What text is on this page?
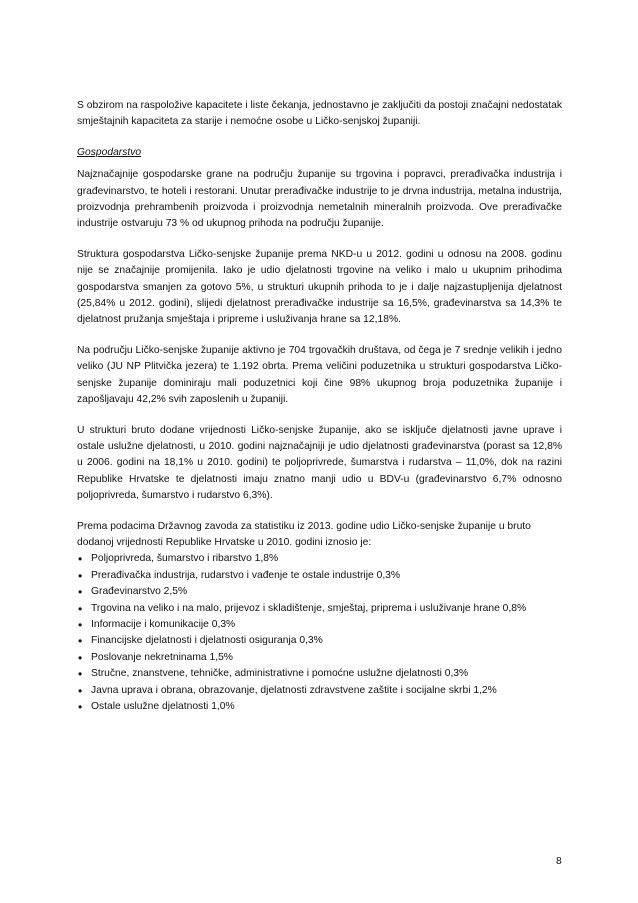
S obzirom na raspoložive kapacitete i liste čekanja, jednostavno je zaključiti da postoji značajni nedostatak smještajnih kapaciteta za starije i nemoćne osobe u Ličko-senjskoj županiji.

Gospodarstvo

Najznačajnije gospodarske grane na području županije su trgovina i popravci, prerađivačka industrija i građevinarstvo, te hoteli i restorani. Unutar prerađivačke industrije to je drvna industrija, metalna industrija, proizvodnja prehrambenih proizvoda i proizvodnja nemetalnih mineralnih proizvoda. Ove prerađivačke industrije ostvaruju 73 % od ukupnog prihoda na području županije.

Struktura gospodarstva Ličko-senjske županije prema NKD-u u 2012. godini u odnosu na 2008. godinu nije se značajnije promijenila. Iako je udio djelatnosti trgovine na veliko i malo u ukupnim prihodima gospodarstva smanjen za gotovo 5%, u strukturi ukupnih prihoda to je i dalje najzastupljenija djelatnost (25,84% u 2012. godini), slijedi djelatnost prerađivačke industrije sa 16,5%, građevinarstva sa 14,3% te djelatnost pružanja smještaja i pripreme i usluživanja hrane sa 12,18%.

Na području Ličko-senjske županije aktivno je 704 trgovačkih društava, od čega je 7 srednje velikih i jedno veliko (JU NP Plitvička jezera) te 1.192 obrta. Prema veličini poduzetnika u strukturi gospodarstva Ličko-senjske županije dominiraju mali poduzetnici koji čine 98% ukupnog broja poduzetnika županije i zapošljavaju 42,2% svih zaposlenih u županiji.

U strukturi bruto dodane vrijednosti Ličko-senjske županije, ako se isključe djelatnosti javne uprave i ostale uslužne djelatnosti, u 2010. godini najznačajniji je udio djelatnosti građevinarstva (porast sa 12,8% u 2006. godini na 18,1% u 2010. godini) te poljoprivrede, šumarstva i rudarstva – 11,0%, dok na razini Republike Hrvatske te djelatnosti imaju znatno manji udio u BDV-u (građevinarstvo 6,7% odnosno poljoprivreda, šumarstvo i rudarstvo 6,3%).

Prema podacima Državnog zavoda za statistiku iz 2013. godine udio Ličko-senjske županije u bruto dodanoj vrijednosti Republike Hrvatske u 2010. godini iznosio je:

• Poljoprivreda, šumarstvo i ribarstvo 1,8%
• Prerađivačka industrija, rudarstvo i vađenje te ostale industrije 0,3%
• Građevinarstvo 2,5%
• Trgovina na veliko i na malo, prijevoz i skladištenje, smještaj, priprema i usluživanje hrane 0,8%
• Informacije i komunikacije 0,3%
• Financijske djelatnosti i djelatnosti osiguranja 0,3%
• Poslovanje nekretninama 1,5%
• Stručne, znanstvene, tehničke, administrativne i pomoćne uslužne djelatnosti 0,3%
• Javna uprava i obrana, obrazovanje, djelatnosti zdravstvene zaštite i socijalne skrbi 1,2%
• Ostale uslužne djelatnosti 1,0%
8
